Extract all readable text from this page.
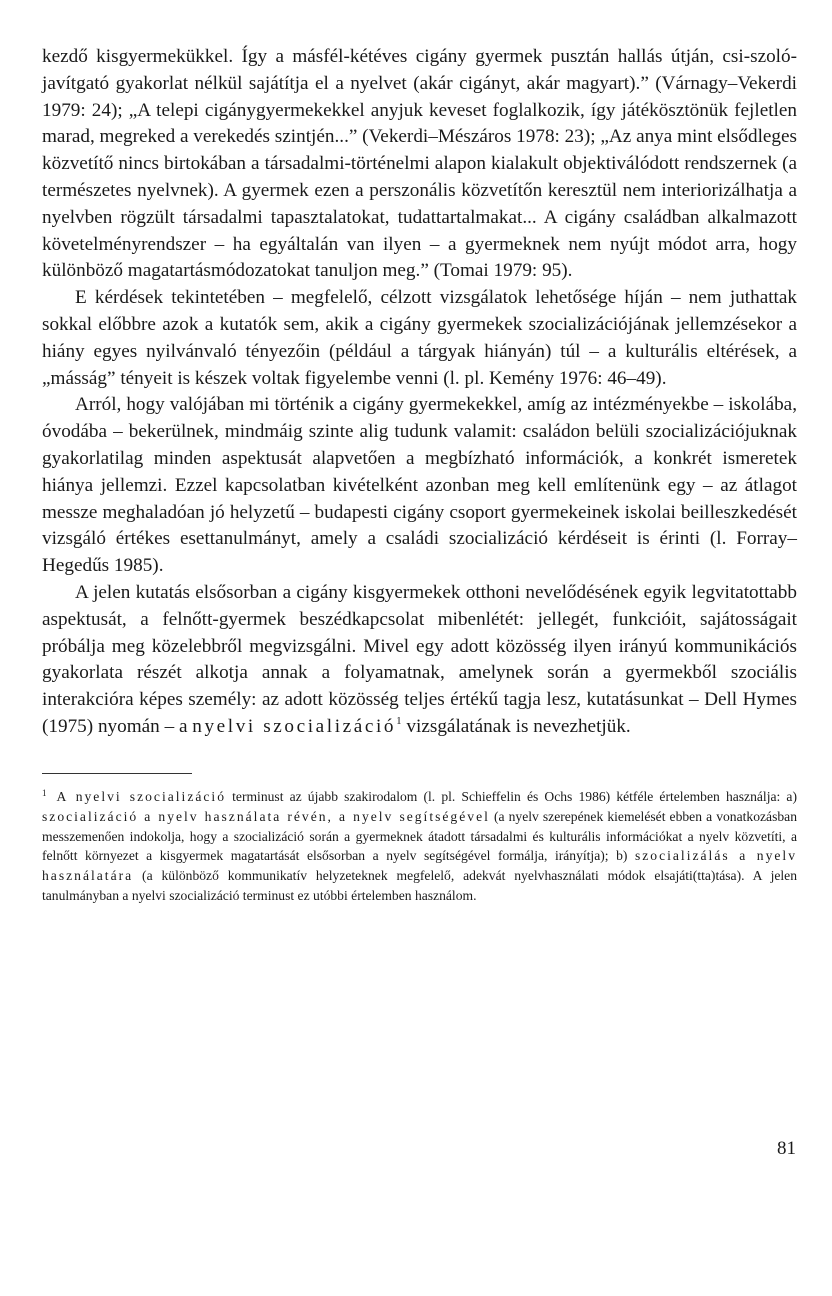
kezdő kisgyermekükkel. Így a másfél-kétéves cigány gyermek pusztán hallás útján, csi-szoló-javítgató gyakorlat nélkül sajátítja el a nyelvet (akár cigányt, akár magyart).” (Várnagy–Vekerdi 1979: 24); „A telepi cigánygyermekekkel anyjuk keveset foglalkozik, így játékösztönük fejletlen marad, megreked a verekedés szintjén...” (Vekerdi–Mészáros 1978: 23); „Az anya mint elsődleges közvetítő nincs birtokában a társadalmi-történelmi alapon kialakult objektiválódott rendszernek (a természetes nyelvnek). A gyermek ezen a perszonális közvetítőn keresztül nem interiorizálhatja a nyelvben rögzült társadalmi tapasztalatokat, tudattartalmakat... A cigány családban alkalmazott követelményrendszer – ha egyáltalán van ilyen – a gyermeknek nem nyújt módot arra, hogy különböző magatartásmódozatokat tanuljon meg.” (Tomai 1979: 95).

E kérdések tekintetében – megfelelő, célzott vizsgálatok lehetősége híján – nem juthattak sokkal előbbre azok a kutatók sem, akik a cigány gyermekek szocializációjának jellemzésekor a hiány egyes nyilvánvaló tényezőin (például a tárgyak hiányán) túl – a kulturális eltérések, a „másság” tényeit is készek voltak figyelembe venni (l. pl. Kemény 1976: 46–49).

Arról, hogy valójában mi történik a cigány gyermekekkel, amíg az intézményekbe – iskolába, óvodába – bekerülnek, mindmáig szinte alig tudunk valamit: családon belüli szocializációjuknak gyakorlatilag minden aspektusát alapvetően a megbízható információk, a konkrét ismeretek hiánya jellemzi. Ezzel kapcsolatban kivételként azonban meg kell említenünk egy – az átlagot messze meghaladóan jó helyzetű – budapesti cigány csoport gyermekeinek iskolai beilleszkedését vizsgáló értékes esettanulmányt, amely a családi szocializáció kérdéseit is érinti (l. Forray–Hegedűs 1985).

A jelen kutatás elsősorban a cigány kisgyermekek otthoni nevelődésének egyik legvitatottabb aspektusát, a felnőtt-gyermek beszédkapcsolat mibenlétét: jellegét, funkcióit, sajátosságait próbálja meg közelebbről megvizsgálni. Mivel egy adott közösség ilyen irányú kommunikációs gyakorlata részét alkotja annak a folyamatnak, amelynek során a gyermekből szociális interakcióra képes személy: az adott közösség teljes értékű tagja lesz, kutatásunkat – Dell Hymes (1975) nyomán – a nyelvi szocializáció$^1$ vizsgálatának is nevezhetjük.

$^1$ A nyelvi szocializáció terminust az újabb szakirodalom (l. pl. Schieffelin és Ochs 1986) kétféle értelemben használja: a) szocializáció a nyelv használata révén, a nyelv segítségével (a nyelv szerepének kiemelését ebben a vonatkozásban messzemenően indokolja, hogy a szocializáció során a gyermeknek átadott társadalmi és kulturális információkat a nyelv közvetíti, a felnőtt környezet a kisgyermek magatartását elsősorban a nyelv segítségével formálja, irányítja); b) szocializálás a nyelv használatára (a különböző kommunikatív helyzeteknek megfelelő, adekvát nyelvhasználati módok elsajáti(tta)tása). A jelen tanulmányban a nyelvi szocializáció terminust ez utóbbi értelemben használom.

81
